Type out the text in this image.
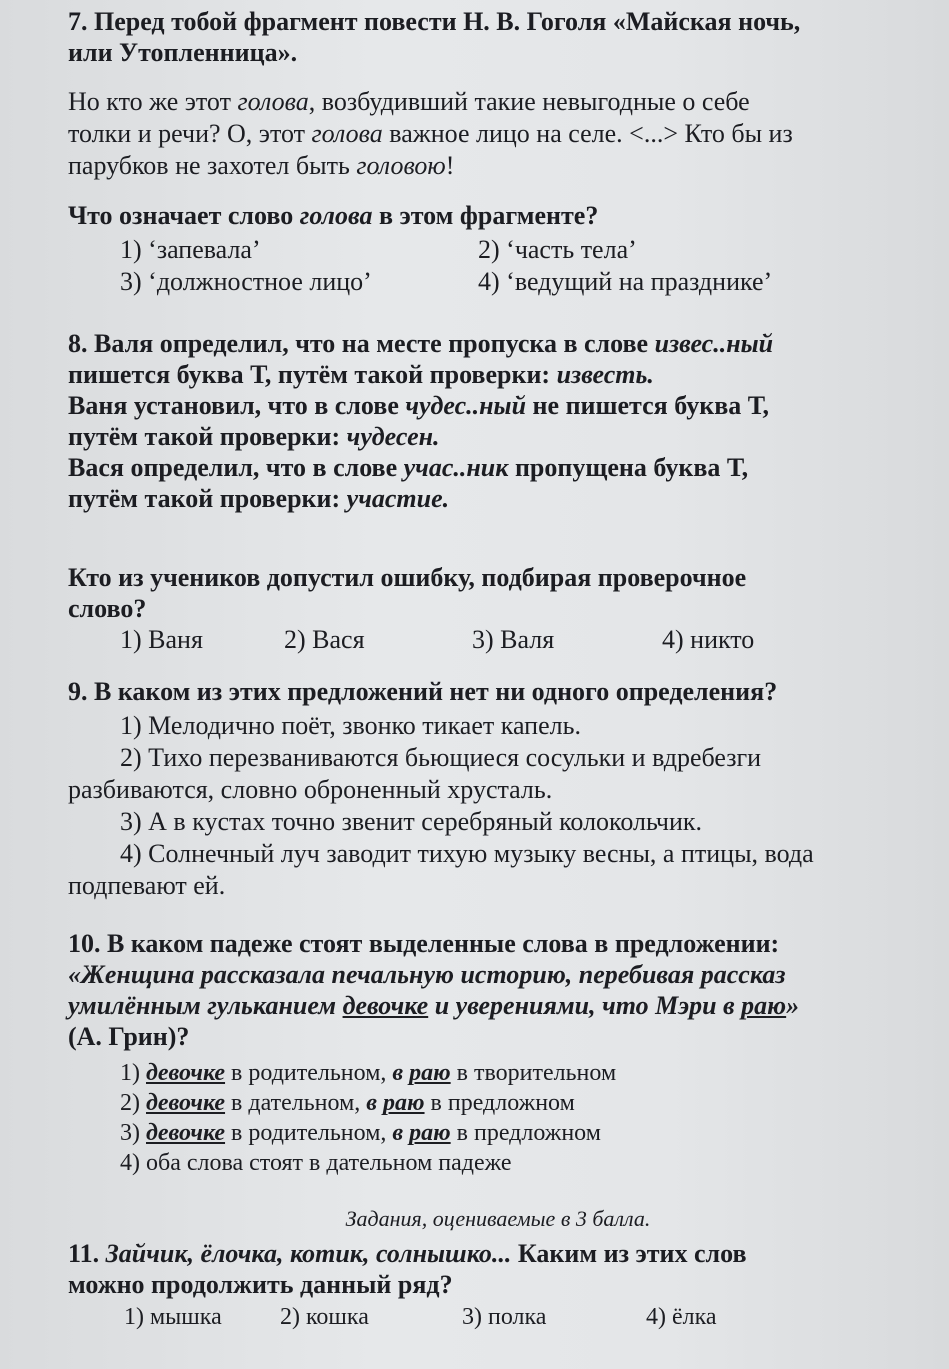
7. Перед тобой фрагмент повести Н. В. Гоголя «Майская ночь,
или Утопленница».
Но кто же этот голова, возбудивший такие невыгодные о себе
толки и речи? О, этот голова важное лицо на селе. <...> Кто бы из
парубков не захотел быть головою!
Что означает слово голова в этом фрагменте?
1) ‘запевала’	2) ‘часть тела’
3) ‘должностное лицо’	4) ‘ведущий на празднике’
8. Валя определил, что на месте пропуска в слове извес..ный
пишется буква Т, путём такой проверки: известь.
Ваня установил, что в слове чудес..ный не пишется буква Т,
путём такой проверки: чудесен.
Вася определил, что в слове учас..ник пропущена буква Т,
путём такой проверки: участие.
Кто из учеников допустил ошибку, подбирая проверочное
слово?
1) Ваня	2) Вася	3) Валя	4) никто
9. В каком из этих предложений нет ни одного определения?
1) Мелодично поёт, звонко тикает капель.
2) Тихо перезваниваются бьющиеся сосульки и вдребезги
разбиваются, словно оброненный хрусталь.
3) А в кустах точно звенит серебряный колокольчик.
4) Солнечный луч заводит тихую музыку весны, а птицы, вода
подпевают ей.
10. В каком падеже стоят выделенные слова в предложении:
«Женщина рассказала печальную историю, перебивая рассказ
умилённым гульканием девочке и уверениями, что Мэри в раю»
(А. Грин)?
1) девочке в родительном, в раю в творительном
2) девочке в дательном, в раю в предложном
3) девочке в родительном, в раю в предложном
4) оба слова стоят в дательном падеже
Задания, оцениваемые в 3 балла.
11. Зайчик, ёлочка, котик, солнышко... Каким из этих слов
можно продолжить данный ряд?
1) мышка 2) кошка	3) полка	4) ёлка
